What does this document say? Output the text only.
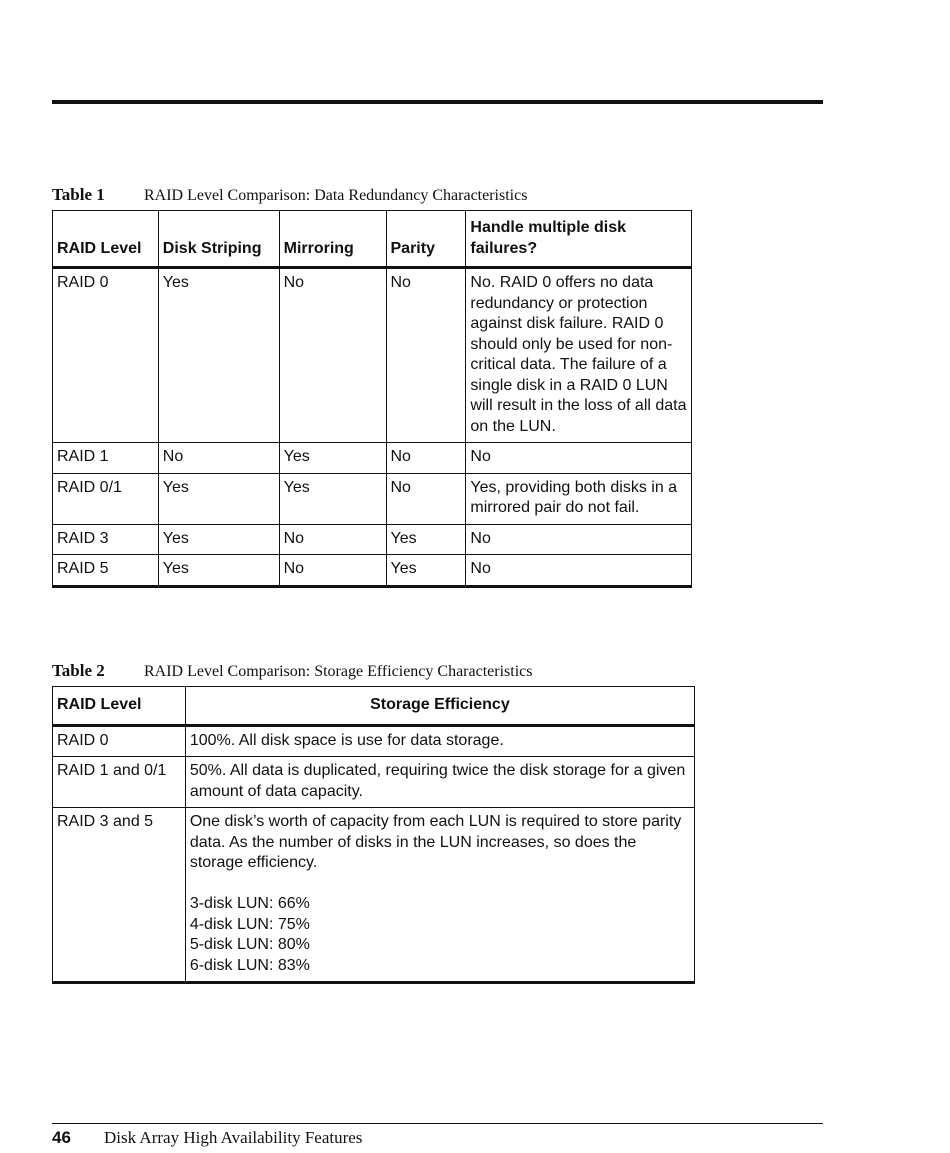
Table 1 RAID Level Comparison: Data Redundancy Characteristics
RAID Level	Disk Striping	Mirroring	Parity	Handle multiple disk failures?
RAID 0	Yes	No	No	No. RAID 0 offers no data redundancy or protection against disk failure. RAID 0 should only be used for non-critical data. The failure of a single disk in a RAID 0 LUN will result in the loss of all data on the LUN.
RAID 1	No	Yes	No	No
RAID 0/1	Yes	Yes	No	Yes, providing both disks in a mirrored pair do not fail.
RAID 3	Yes	No	Yes	No
RAID 5	Yes	No	Yes	No
Table 2 RAID Level Comparison: Storage Efficiency Characteristics
RAID Level	Storage Efficiency
RAID 0	100%. All disk space is use for data storage.
RAID 1 and 0/1	50%. All data is duplicated, requiring twice the disk storage for a given amount of data capacity.
RAID 3 and 5	One disk’s worth of capacity from each LUN is required to store parity data. As the number of disks in the LUN increases, so does the storage efficiency.

3-disk LUN: 66%
4-disk LUN: 75%
5-disk LUN: 80%
6-disk LUN: 83%
46 Disk Array High Availability Features
